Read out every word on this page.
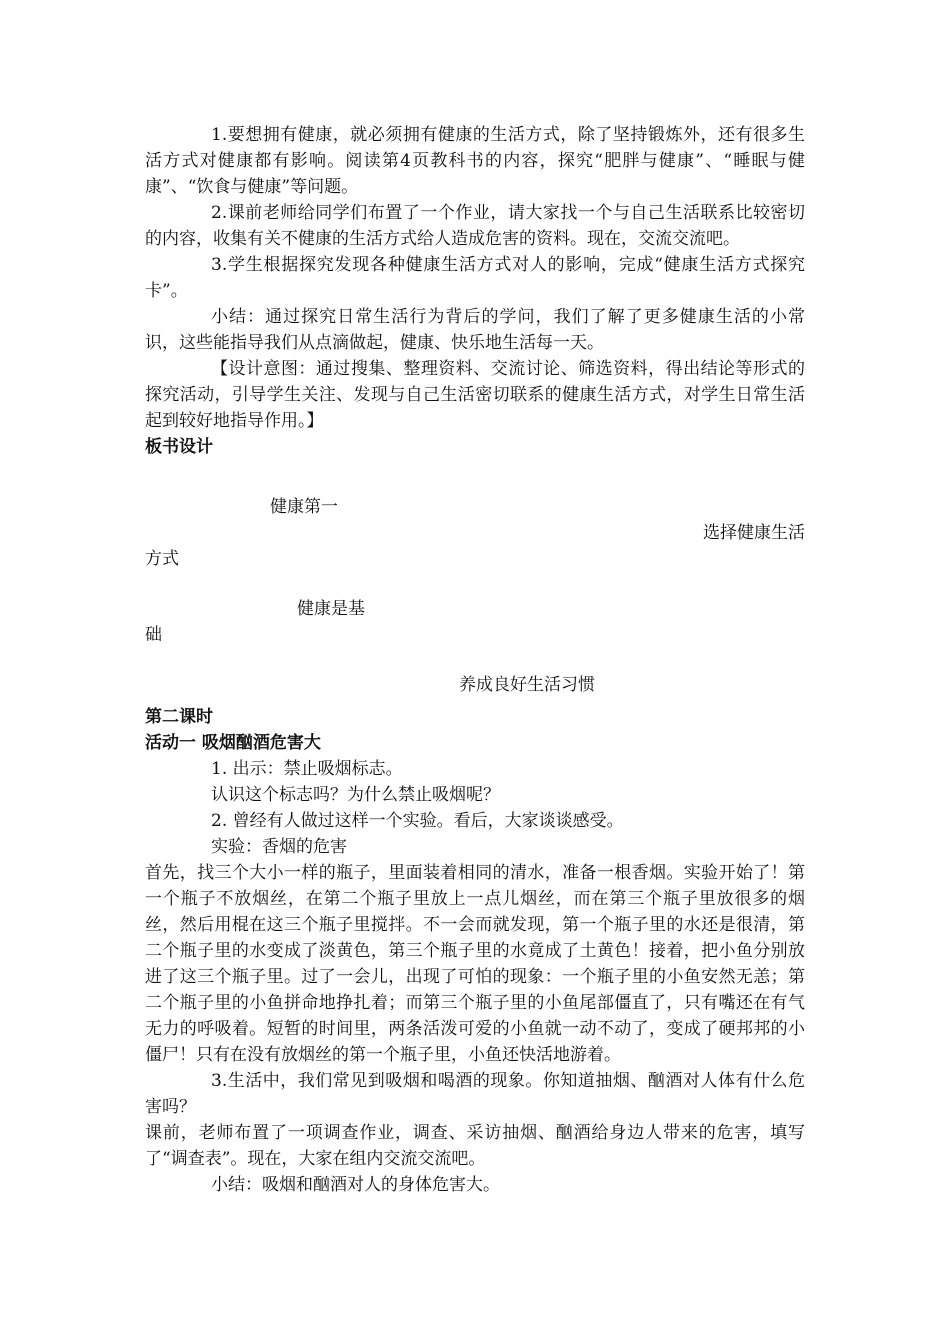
1.要想拥有健康，就必须拥有健康的生活方式，除了坚持锻炼外，还有很多生活方式对健康都有影响。阅读第4页教科书的内容，探究“肥胖与健康”、“睡眠与健康”、“饮食与健康”等问题。

2.课前老师给同学们布置了一个作业，请大家找一个与自己生活联系比较密切的内容，收集有关不健康的生活方式给人造成危害的资料。现在，交流交流吧。

3.学生根据探究发现各种健康生活方式对人的影响，完成“健康生活方式探究卡”。

小结：通过探究日常生活行为背后的学问，我们了解了更多健康生活的小常识，这些能指导我们从点滴做起，健康、快乐地生活每一天。

【设计意图：通过搜集、整理资料、交流讨论、筛选资料，得出结论等形式的探究活动，引导学生关注、发现与自己生活密切联系的健康生活方式，对学生日常生活起到较好地指导作用。】

板书设计

健康第一
选择健康生活
方式
健康是基
础
养成良好生活习惯

第二课时

活动一 吸烟酗酒危害大

1. 出示：禁止吸烟标志。

认识这个标志吗？为什么禁止吸烟呢？

2. 曾经有人做过这样一个实验。看后，大家谈谈感受。

实验：香烟的危害

首先，找三个大小一样的瓶子，里面装着相同的清水，准备一根香烟。实验开始了！第一个瓶子不放烟丝，在第二个瓶子里放上一点儿烟丝，而在第三个瓶子里放很多的烟丝，然后用棍在这三个瓶子里搅拌。不一会而就发现，第一个瓶子里的水还是很清，第二个瓶子里的水变成了淡黄色，第三个瓶子里的水竟成了土黄色！接着，把小鱼分别放进了这三个瓶子里。过了一会儿，出现了可怕的现象：一个瓶子里的小鱼安然无恙；第二个瓶子里的小鱼拼命地挣扎着；而第三个瓶子里的小鱼尾部僵直了，只有嘴还在有气无力的呼吸着。短暂的时间里，两条活泼可爱的小鱼就一动不动了，变成了硬邦邦的小僵尸！只有在没有放烟丝的第一个瓶子里，小鱼还快活地游着。

3.生活中，我们常见到吸烟和喝酒的现象。你知道抽烟、酗酒对人体有什么危害吗？

课前，老师布置了一项调查作业，调查、采访抽烟、酗酒给身边人带来的危害，填写了“调查表”。现在，大家在组内交流交流吧。

小结：吸烟和酗酒对人的身体危害大。
